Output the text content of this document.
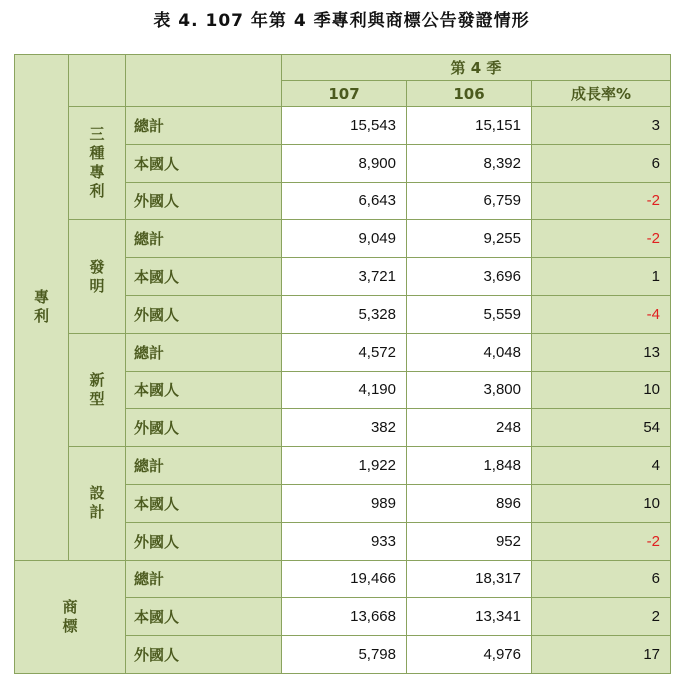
表 4. 107 年第 4 季專利與商標公告發證情形
專
利			第 4 季		
			107	106	成長率%

	三
種
專
利	總計	15,543	15,151	3
		本國人	8,900	8,392	6
		外國人	6,643	6,759	-2

	發
明	總計	9,049	9,255	-2
		本國人	3,721	3,696	1
		外國人	5,328	5,559	-4

	新
型	總計	4,572	4,048	13
		本國人	4,190	3,800	10
		外國人	382	248	54

	設
計	總計	1,922	1,848	4
		本國人	989	896	10
		外國人	933	952	-2

商
標		總計	19,466	18,317	6
		本國人	13,668	13,341	2
		外國人	5,798	4,976	17
